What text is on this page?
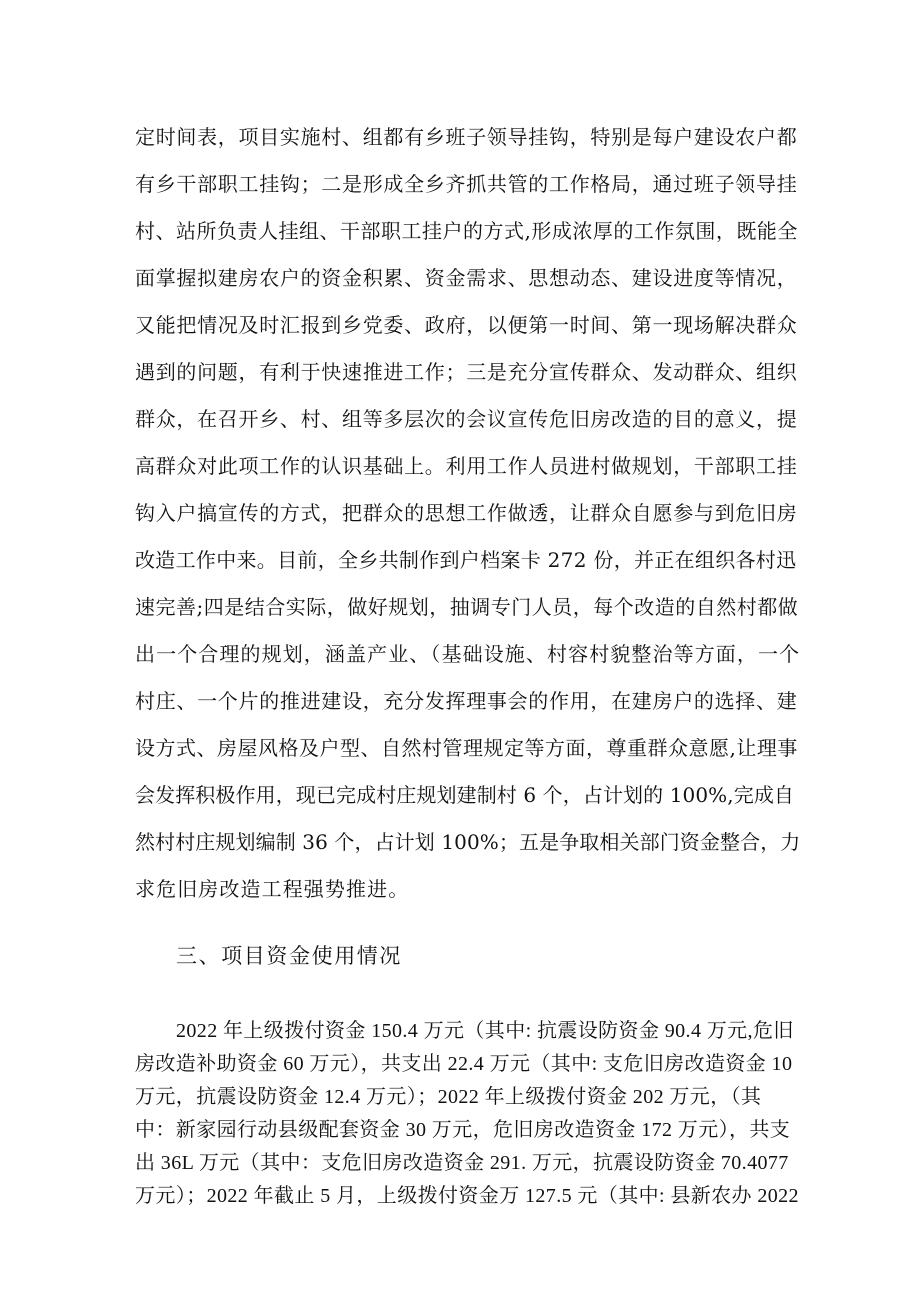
定时间表，项目实施村、组都有乡班子领导挂钩，特别是每户建设农户都
有乡干部职工挂钩；二是形成全乡齐抓共管的工作格局，通过班子领导挂
村、站所负责人挂组、干部职工挂户的方式,形成浓厚的工作氛围，既能全
面掌握拟建房农户的资金积累、资金需求、思想动态、建设进度等情况，
又能把情况及时汇报到乡党委、政府，以便第一时间、第一现场解决群众
遇到的问题，有利于快速推进工作；三是充分宣传群众、发动群众、组织
群众，在召开乡、村、组等多层次的会议宣传危旧房改造的目的意义，提
高群众对此项工作的认识基础上。利用工作人员进村做规划，干部职工挂
钩入户搞宣传的方式，把群众的思想工作做透，让群众自愿参与到危旧房
改造工作中来。目前，全乡共制作到户档案卡 272 份，并正在组织各村迅
速完善;四是结合实际，做好规划，抽调专门人员，每个改造的自然村都做
出一个合理的规划，涵盖产业、（基础设施、村容村貌整治等方面，一个
村庄、一个片的推进建设，充分发挥理事会的作用，在建房户的选择、建
设方式、房屋风格及户型、自然村管理规定等方面，尊重群众意愿,让理事
会发挥积极作用，现已完成村庄规划建制村 6 个，占计划的 100%,完成自
然村村庄规划编制 36 个，占计划 100%；五是争取相关部门资金整合，力
求危旧房改造工程强势推进。
三、项目资金使用情况
2022 年上级拨付资金 150.4 万元（其中: 抗震设防资金 90.4 万元,危旧
房改造补助资金 60 万元），共支出 22.4 万元（其中: 支危旧房改造资金 10
万元，抗震设防资金 12.4 万元）；2022 年上级拨付资金 202 万元，（其
中：新家园行动县级配套资金 30 万元，危旧房改造资金 172 万元），共支
出 36L 万元（其中：支危旧房改造资金 291. 万元，抗震设防资金 70.4077
万元）；2022 年截止 5 月，上级拨付资金万 127.5 元（其中: 县新农办 2022
